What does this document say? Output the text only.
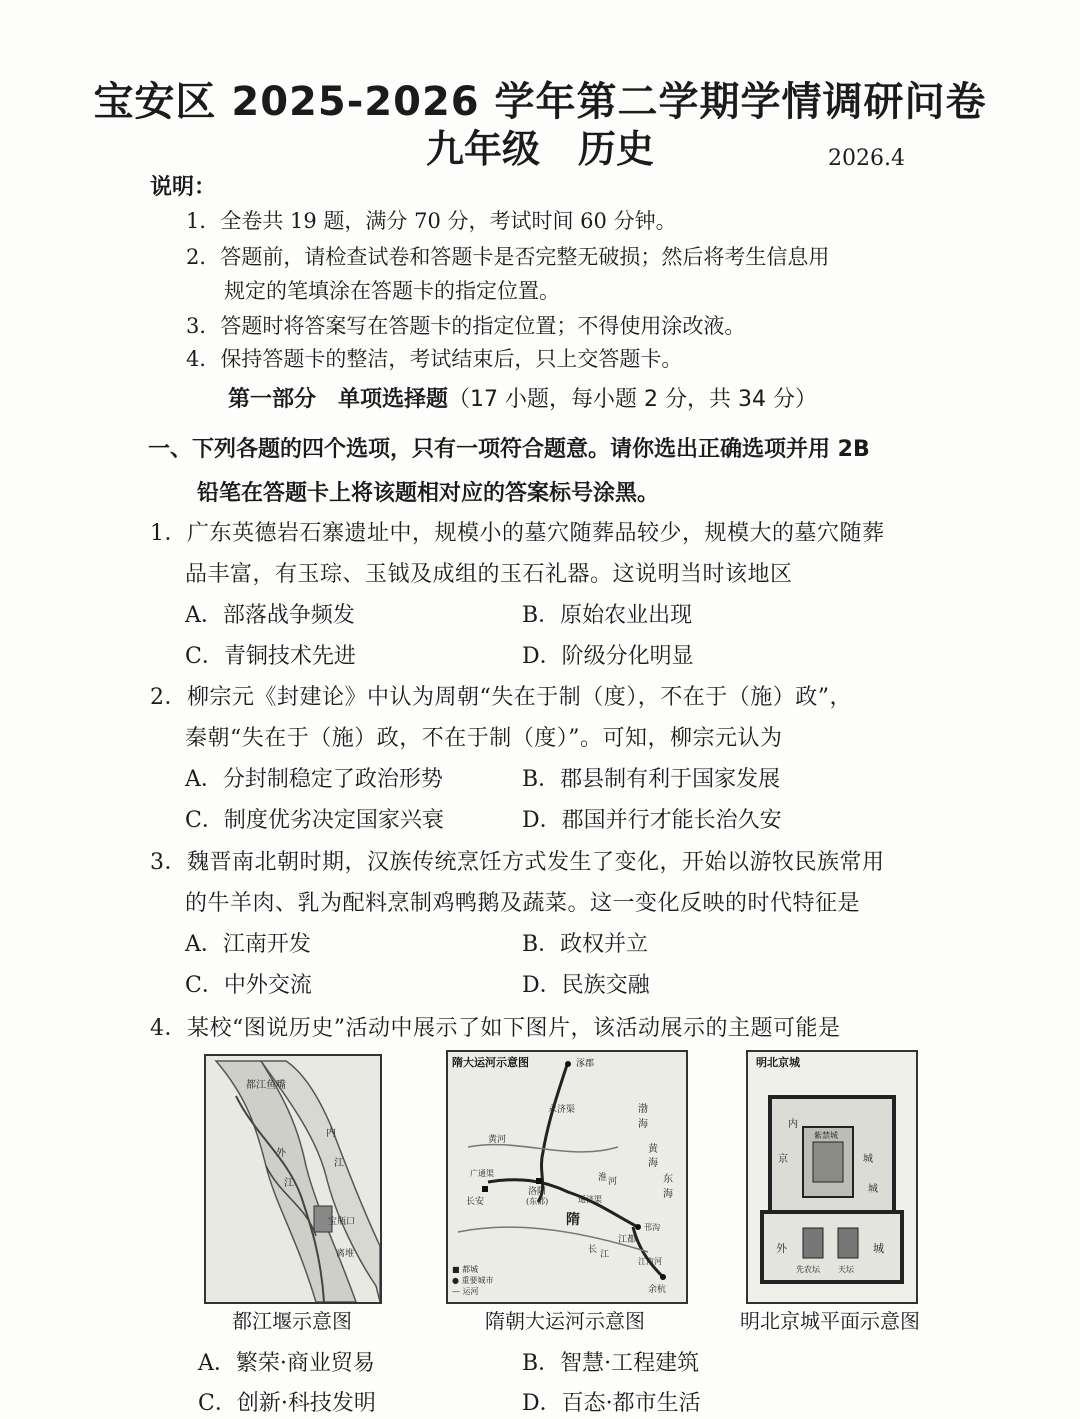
宝安区 2025-2026 学年第二学期学情调研问卷
九年级　历史	2026.4
说明：
1．全卷共 19 题，满分 70 分，考试时间 60 分钟。
2．答题前，请检查试卷和答题卡是否完整无破损；然后将考生信息用
规定的笔填涂在答题卡的指定位置。
3．答题时将答案写在答题卡的指定位置；不得使用涂改液。
4．保持答题卡的整洁，考试结束后，只上交答题卡。
第一部分　单项选择题（17 小题，每小题 2 分，共 34 分）
一、下列各题的四个选项，只有一项符合题意。请你选出正确选项并用 2B
铅笔在答题卡上将该题相对应的答案标号涂黑。
1．广东英德岩石寨遗址中，规模小的墓穴随葬品较少，规模大的墓穴随葬
品丰富，有玉琮、玉钺及成组的玉石礼器。这说明当时该地区
A．部落战争频发	B．原始农业出现
C．青铜技术先进	D．阶级分化明显
2．柳宗元《封建论》中认为周朝“失在于制（度），不在于（施）政”，
秦朝“失在于（施）政，不在于制（度）”。可知，柳宗元认为
A．分封制稳定了政治形势	B．郡县制有利于国家发展
C．制度优劣决定国家兴衰	D．郡国并行才能长治久安
3．魏晋南北朝时期，汉族传统烹饪方式发生了变化，开始以游牧民族常用
的牛羊肉、乳为配料烹制鸡鸭鹅及蔬菜。这一变化反映的时代特征是
A．江南开发	B．政权并立
C．中外交流	D．民族交融
4．某校“图说历史”活动中展示了如下图片，该活动展示的主题可能是
都江鱼嘴
内
江
外
江
宝瓶口
离堆
都江堰示意图
隋大运河示意图	涿郡
黄河
永济渠
洛阳
(东都)
长安
广通渠
通济渠
江都
邗沟
余杭
江南河
隋
长 江
渤
海
东
海
黄
海
淮 河
■ 都城
● 重要城市
— 运河
隋朝大运河示意图
明北京城
内
城
京	城
紫禁城
外	城
天坛
先农坛
明北京城平面示意图
A．繁荣·商业贸易	B．智慧·工程建筑
C．创新·科技发明	D．百态·都市生活
